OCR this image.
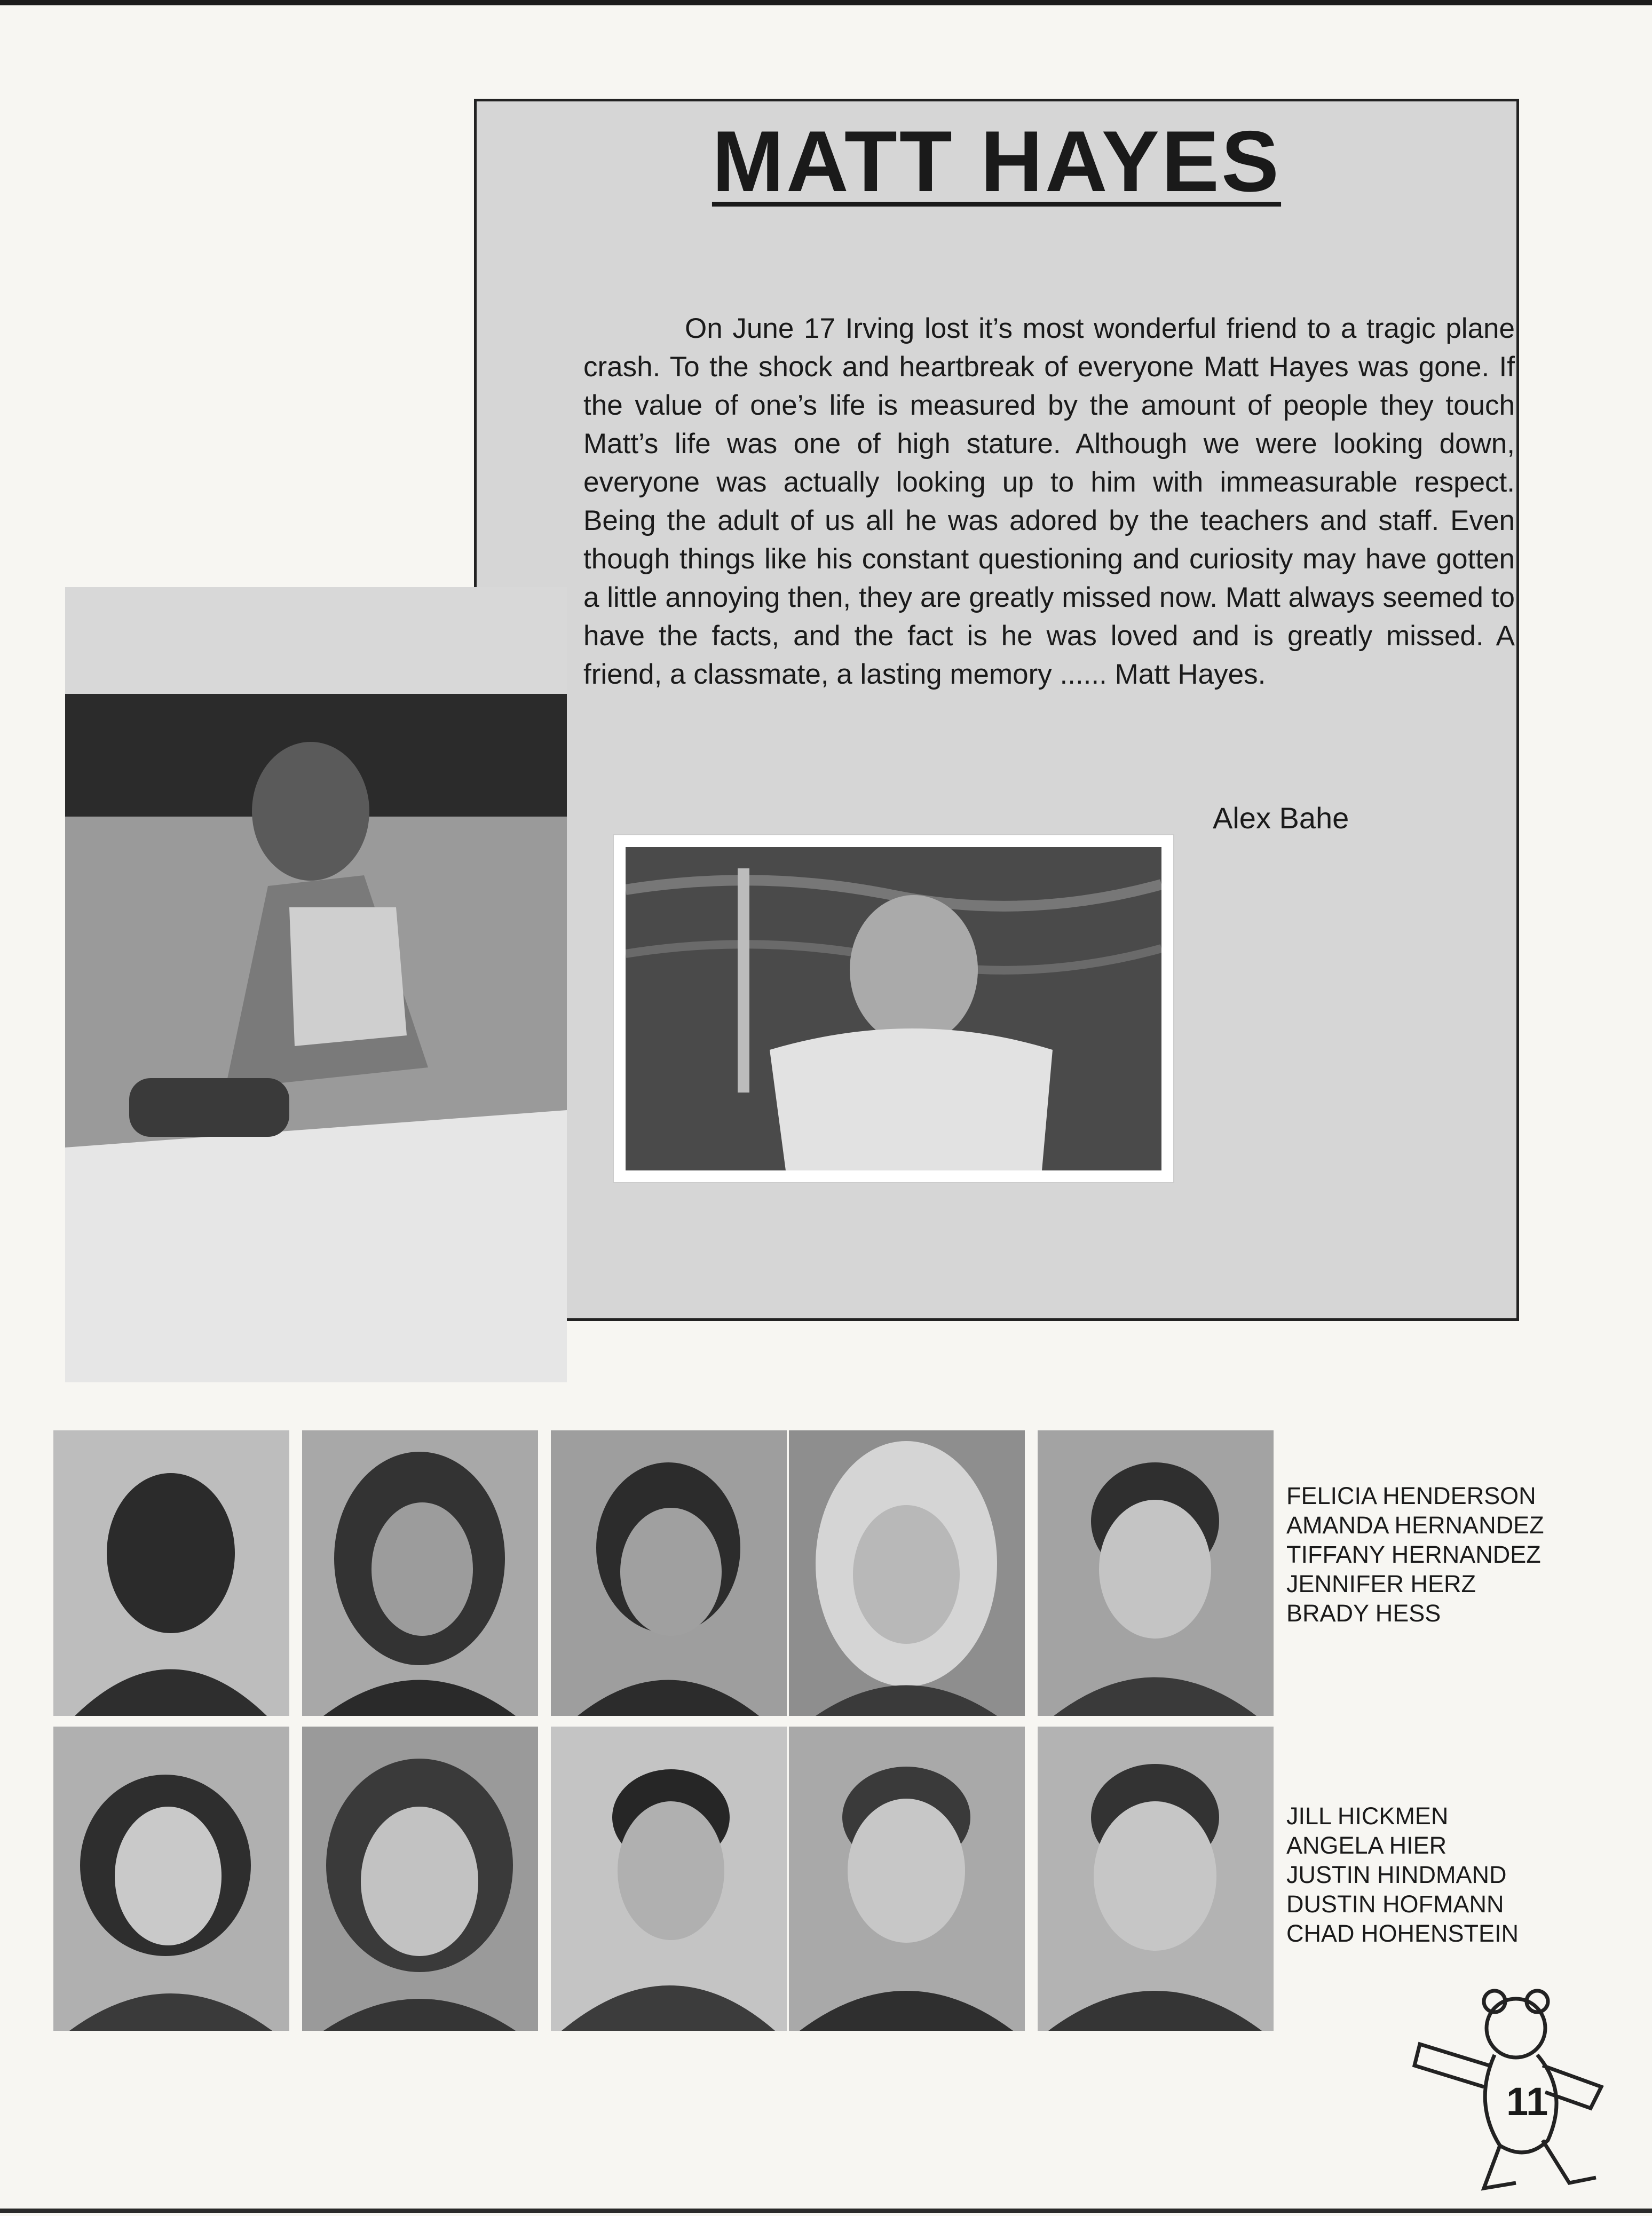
MATT HAYES

On June 17 Irving lost it’s most wonderful friend to a tragic plane crash. To the shock and heartbreak of everyone Matt Hayes was gone. If the value of one’s life is measured by the amount of people they touch Matt’s life was one of high stature. Although we were looking down, everyone was actually looking up to him with immeasurable respect. Being the adult of us all he was adored by the teachers and staff. Even though things like his constant questioning and curiosity may have gotten a little annoying then, they are greatly missed now. Matt always seemed to have the facts, and the fact is he was loved and is greatly missed. A friend, a classmate, a lasting memory ...... Matt Hayes.

Alex Bahe

FELICIA HENDERSON
AMANDA HERNANDEZ
TIFFANY HERNANDEZ
JENNIFER HERZ
BRADY HESS
JILL HICKMEN
ANGELA HIER
JUSTIN HINDMAND
DUSTIN HOFMANN
CHAD HOHENSTEIN
11
